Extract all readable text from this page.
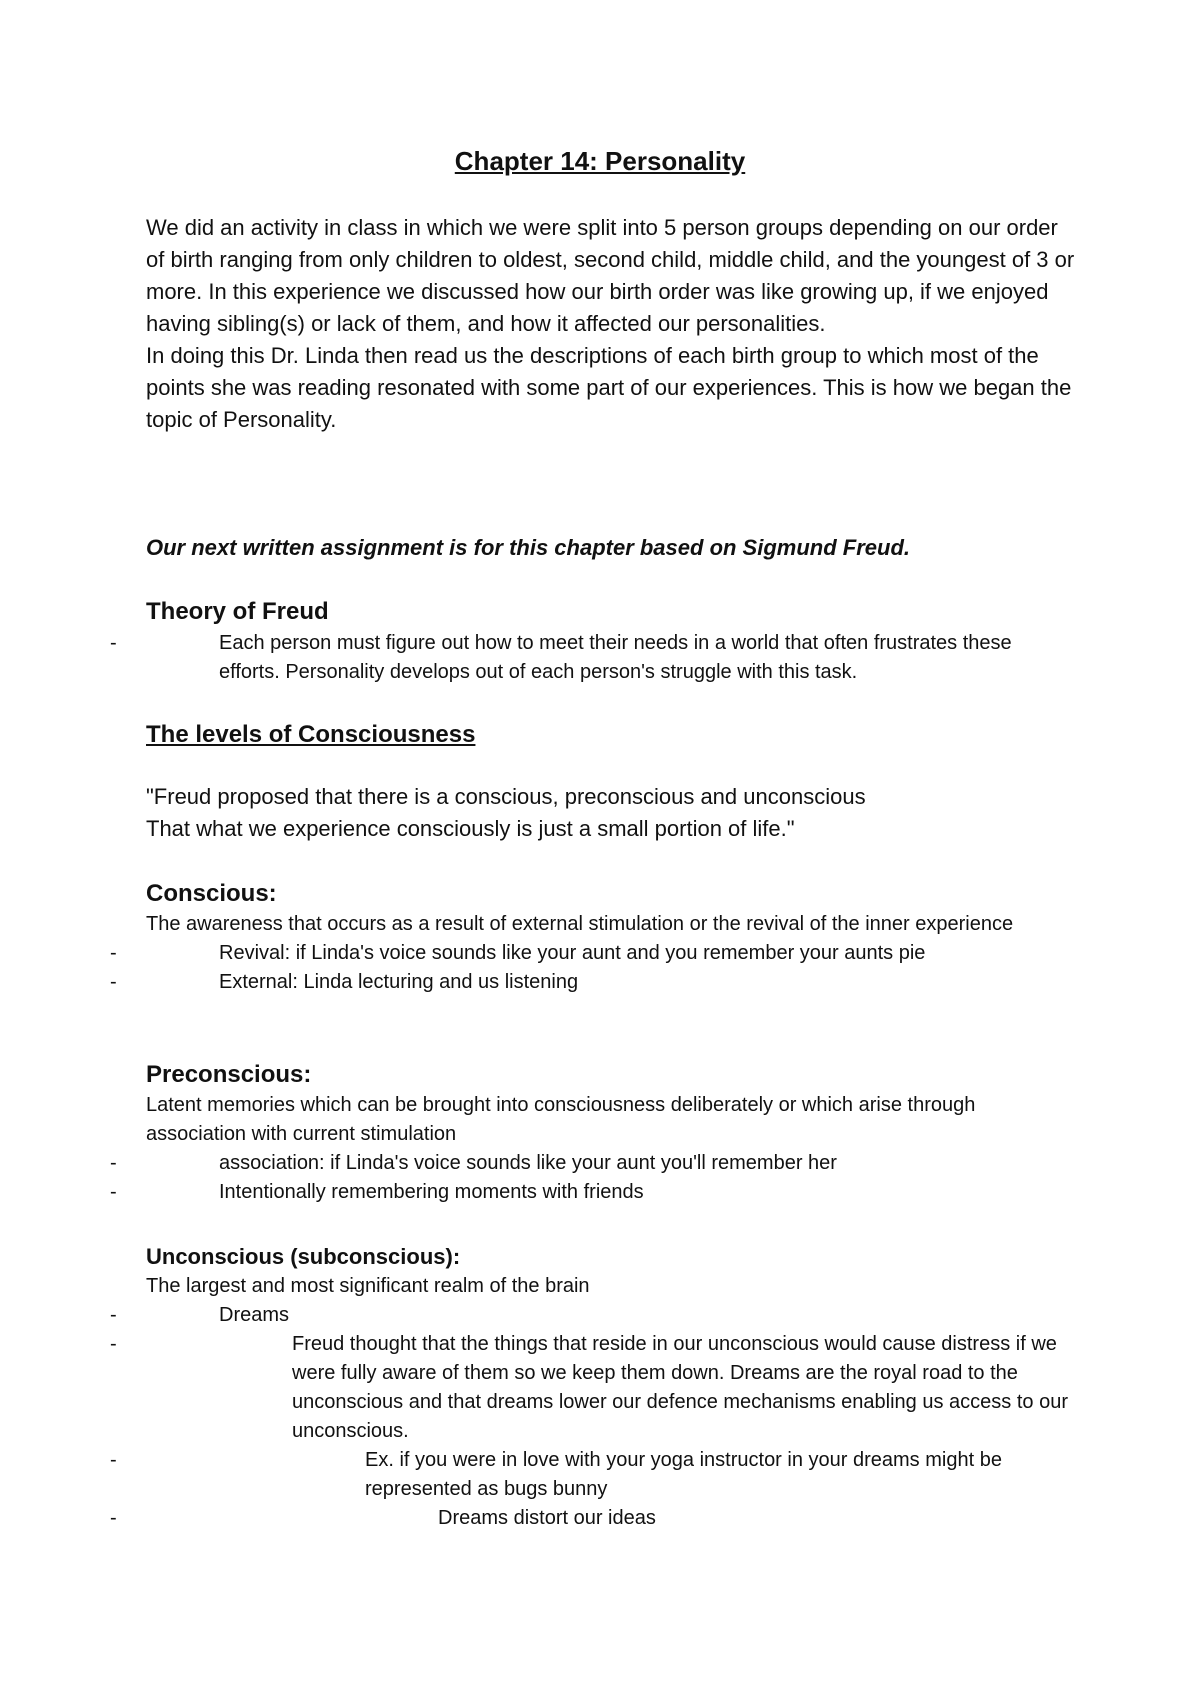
Chapter 14: Personality

We did an activity in class in which we were split into 5 person groups depending on our order of birth ranging from only children to oldest, second child, middle child, and the youngest of 3 or more. In this experience we discussed how our birth order was like growing up, if we enjoyed having sibling(s) or lack of them, and how it affected our personalities.

In doing this Dr. Linda then read us the descriptions of each birth group to which most of the points she was reading resonated with some part of our experiences. This is how we began the topic of Personality.

Our next written assignment is for this chapter based on Sigmund Freud.

Theory of Freud
- Each person must figure out how to meet their needs in a world that often frustrates these efforts. Personality develops out of each person's struggle with this task.
The levels of Consciousness

"Freud proposed that there is a conscious, preconscious and unconscious

That what we experience consciously is just a small portion of life."

Conscious:

The awareness that occurs as a result of external stimulation or the revival of the inner experience

- Revival: if Linda's voice sounds like your aunt and you remember your aunts pie
- External: Linda lecturing and us listening
Preconscious:

Latent memories which can be brought into consciousness deliberately or which arise through association with current stimulation

- association: if Linda's voice sounds like your aunt you'll remember her
- Intentionally remembering moments with friends
Unconscious (subconscious):

The largest and most significant realm of the brain

- Dreams
- Freud thought that the things that reside in our unconscious would cause distress if we were fully aware of them so we keep them down. Dreams are the royal road to the unconscious and that dreams lower our defence mechanisms enabling us access to our unconscious.
- Ex. if you were in love with your yoga instructor in your dreams might be represented as bugs bunny
- Dreams distort our ideas
